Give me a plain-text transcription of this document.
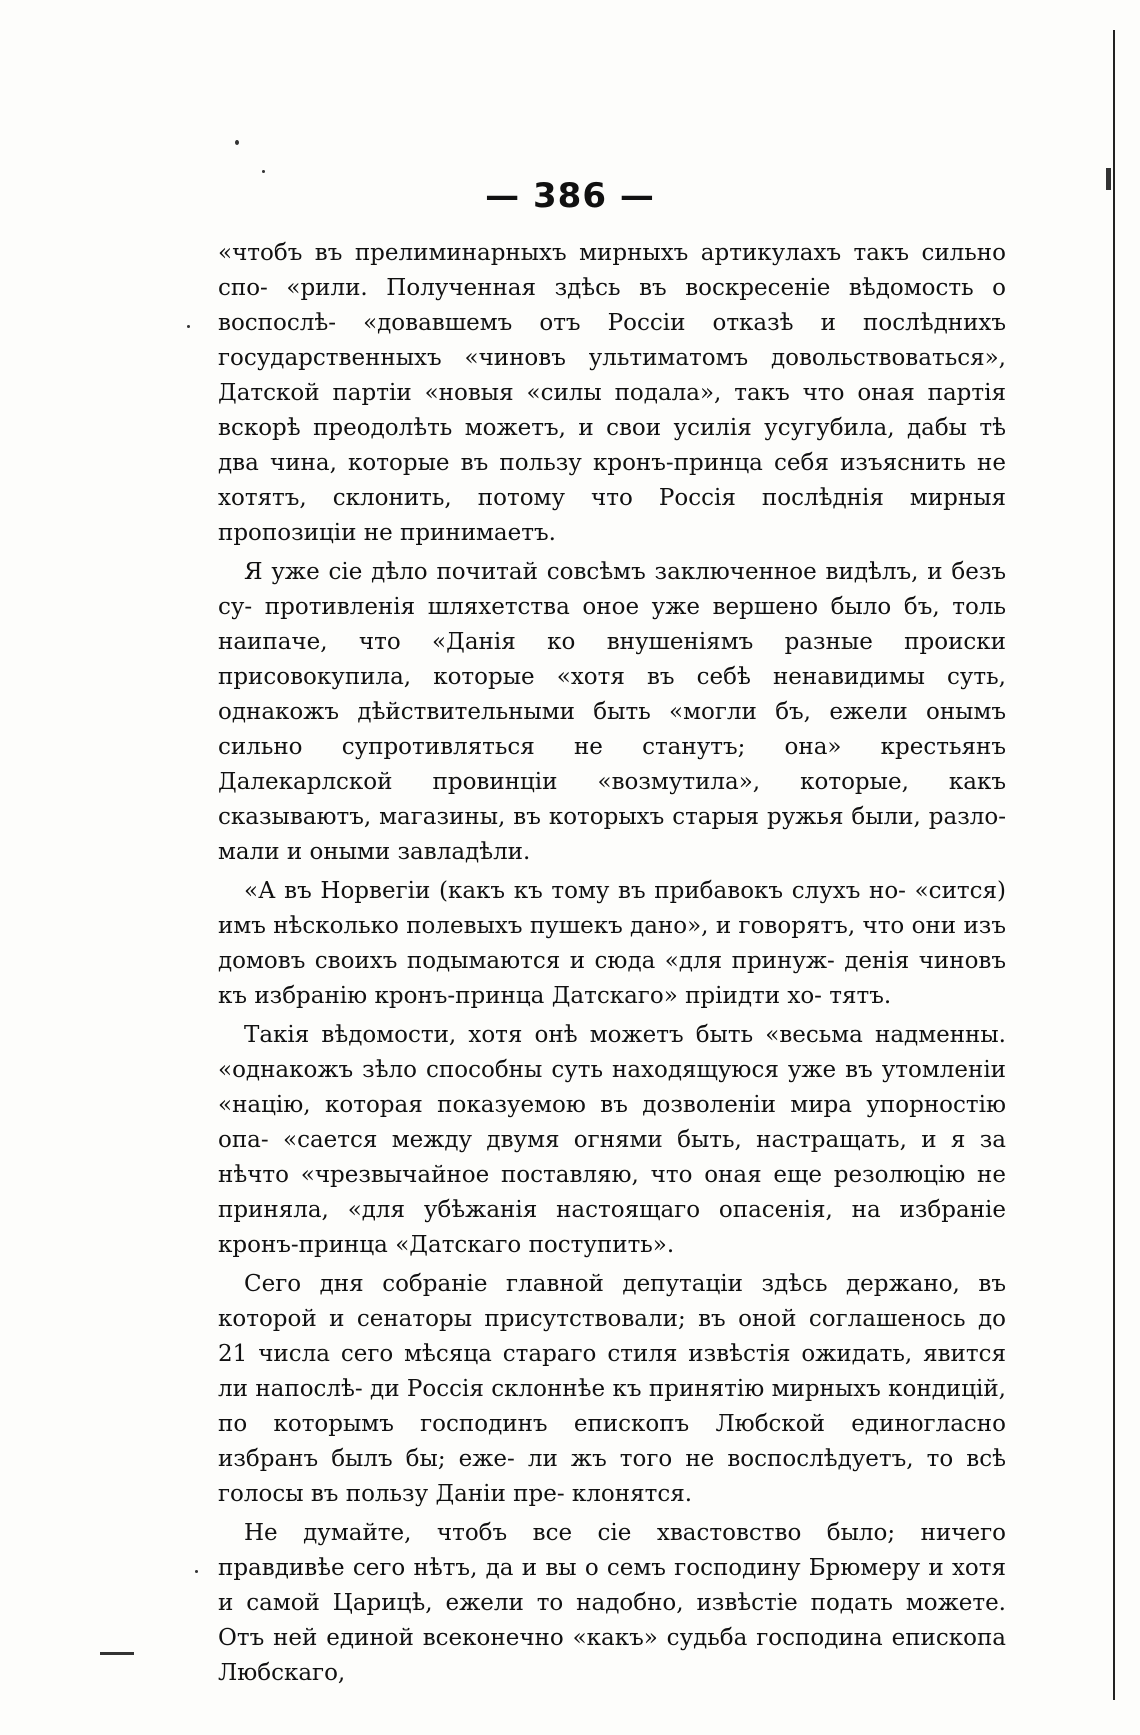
— 386 —

«чтобъ въ прелиминарныхъ мирныхъ артикулахъ такъ сильно спо- «рили. Полученная здѣсь въ воскресеніе вѣдомость о воспослѣ- «довавшемъ отъ Россіи отказѣ и послѣднихъ государственныхъ «чиновъ ультиматомъ довольствоваться», Датской партіи «новыя «силы подала», такъ что оная партія вскорѣ преодолѣть можетъ, и свои усилія усугубила, дабы тѣ два чина, которые въ пользу кронъ-принца себя изъяснить не хотятъ, склонить, потому что Россія послѣднія мирныя пропозиціи не принимаетъ.

Я уже сіе дѣло почитай совсѣмъ заключенное видѣлъ, и безъ су- противленія шляхетства оное уже вершено было бъ, толь наипаче, что «Данія ко внушеніямъ разные происки присовокупила, которые «хотя въ себѣ ненавидимы суть, однакожъ дѣйствительными быть «могли бъ, ежели онымъ сильно супротивляться не станутъ; она» крестьянъ Далекарлской провинціи «возмутила», которые, какъ сказываютъ, магазины, въ которыхъ старыя ружья были, разло- мали и оными завладѣли.

«А въ Норвегіи (какъ къ тому въ прибавокъ слухъ но- «сится) имъ нѣсколько полевыхъ пушекъ дано», и говорятъ, что они изъ домовъ своихъ подымаются и сюда «для принуж- денія чиновъ къ избранію кронъ-принца Датскаго» пріидти хо- тятъ.

Такія вѣдомости, хотя онѣ можетъ быть «весьма надменны. «однакожъ зѣло способны суть находящуюся уже въ утомленіи «націю, которая показуемою въ дозволеніи мира упорностію опа- «сается между двумя огнями быть, настращать, и я за нѣчто «чрезвычайное поставляю, что оная еще резолюцію не приняла, «для убѣжанія настоящаго опасенія, на избраніе кронъ-принца «Датскаго поступить».

Сего дня собраніе главной депутаціи здѣсь держано, въ которой и сенаторы присутствовали; въ оной соглашенось до 21 числа сего мѣсяца стараго стиля извѣстія ожидать, явится ли напослѣ- ди Россія склоннѣе къ принятію мирныхъ кондицій, по которымъ господинъ епископъ Любской единогласно избранъ былъ бы; еже- ли жъ того не воспослѣдуетъ, то всѣ голосы въ пользу Даніи пре- клонятся.

Не думайте, чтобъ все сіе хвастовство было; ничего правдивѣе сего нѣтъ, да и вы о семъ господину Брюмеру и хотя и самой Царицѣ, ежели то надобно, извѣстіе подать можете. Отъ ней единой всеконечно «какъ» судьба господина епископа Любскаго,
